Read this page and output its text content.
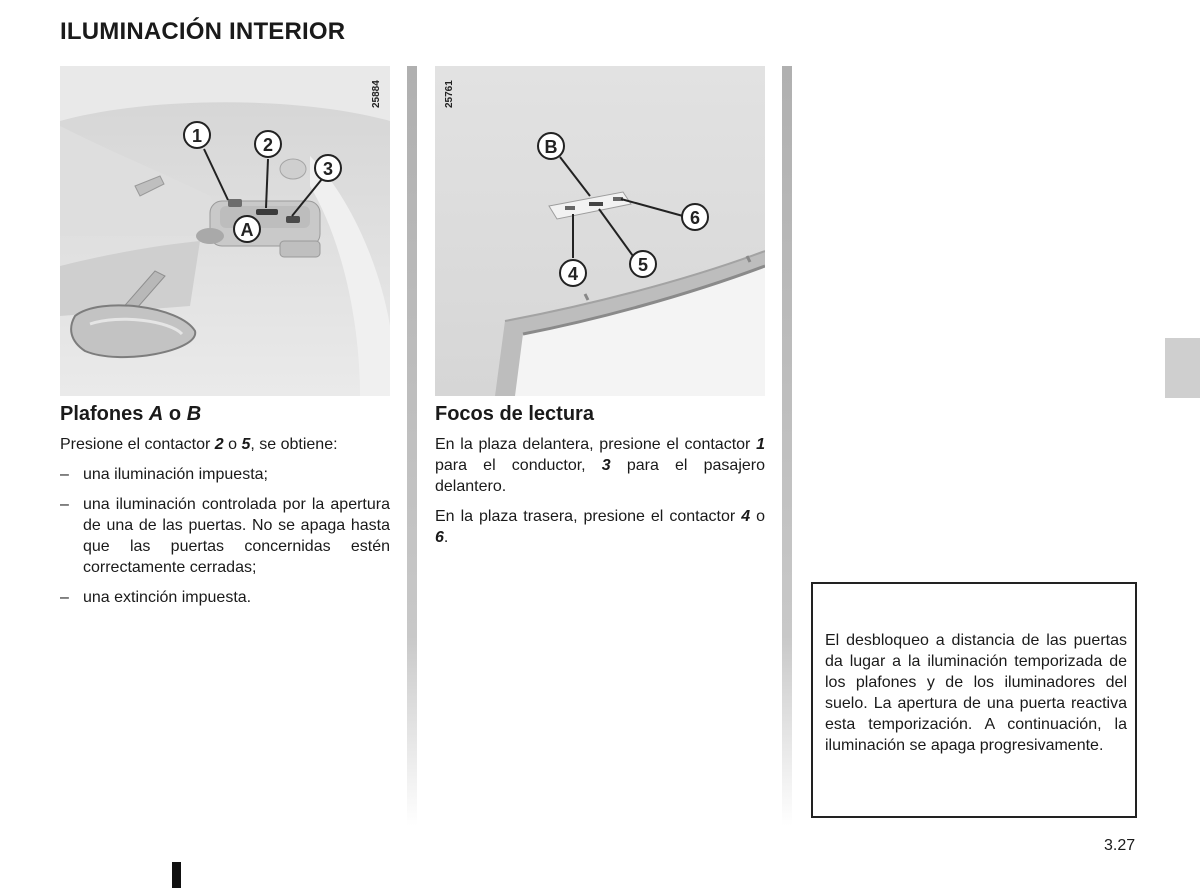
ILUMINACIÓN INTERIOR
1	2
3
A
25884
Plafones A o B

Presione el contactor 2 o 5, se obtiene:

– una iluminación impuesta;
– una iluminación controlada por la apertura de una de las puertas. No se apaga hasta que las puertas concernidas estén correctamente cerradas;
– una extinción impuesta.
B
6
5
4
25761
Focos de lectura

En la plaza delantera, presione el contactor 1 para el conductor, 3 para el pasajero delantero.

En la plaza trasera, presione el contactor 4 o 6.

El desbloqueo a distancia de las puertas da lugar a la iluminación temporizada de los plafones y de los iluminadores del suelo. La apertura de una puerta reactiva esta temporización. A continuación, la iluminación se apaga progresivamente.

3.27
